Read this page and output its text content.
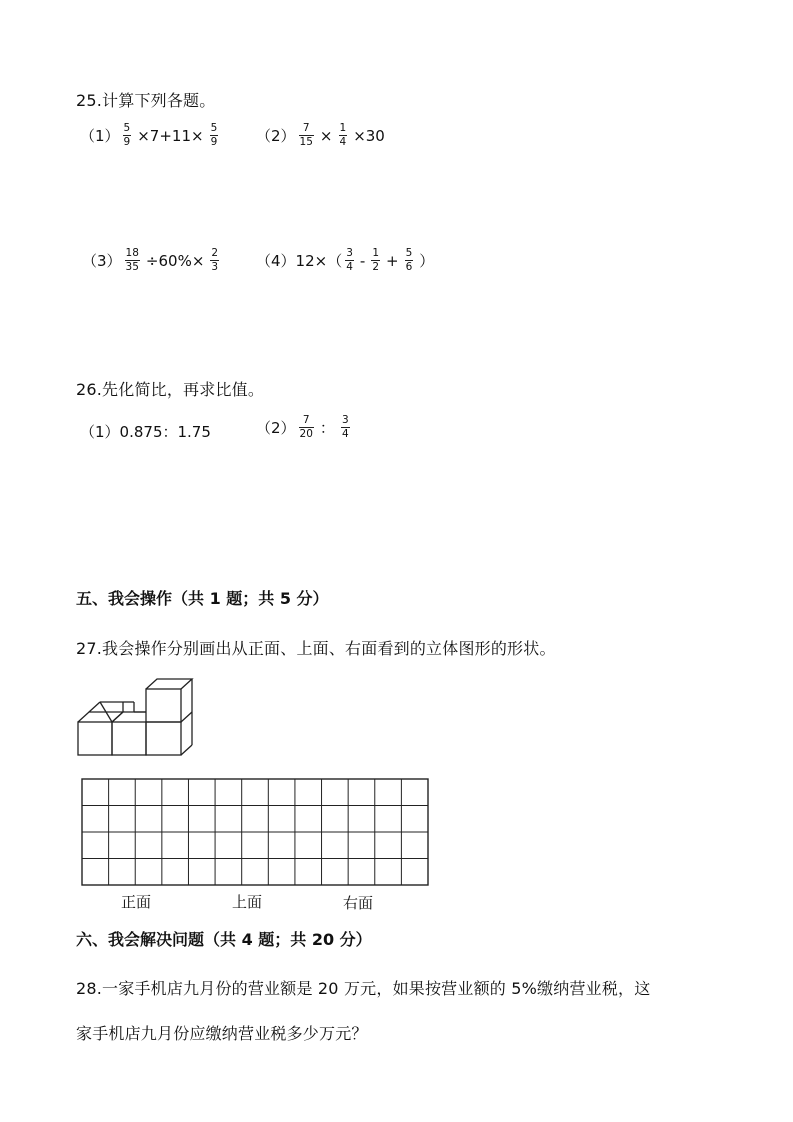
25.计算下列各题。
$(1) \frac{5}{9} \times 7+11\times \frac{5}{9}$	$(2) \frac{7}{15} \times \frac{1}{4} \times 30$
$(3) \frac{18}{35} \div 60\%\times \frac{2}{3} (4)$ $12\times( \frac{3}{4} - \frac{1}{2} + \frac{5}{6}$ ）
26.先化简比，再求比值。
（1） 0.875：1.75	$(2) \frac{7}{20}$ ： $\frac{3}{4}$
五、我会操作（共 1 题；共 5 分）
27.我会操作分别画出从正面、上面、右面看到的立体图形的形状。
正面	上面	右面
六、我会解决问题（共 4 题；共 20 分）
28.一家手机店九月份的营业额是 20 万元，如果按营业额的 5%缴纳营业税，这
家手机店九月份应缴纳营业税多少万元？
